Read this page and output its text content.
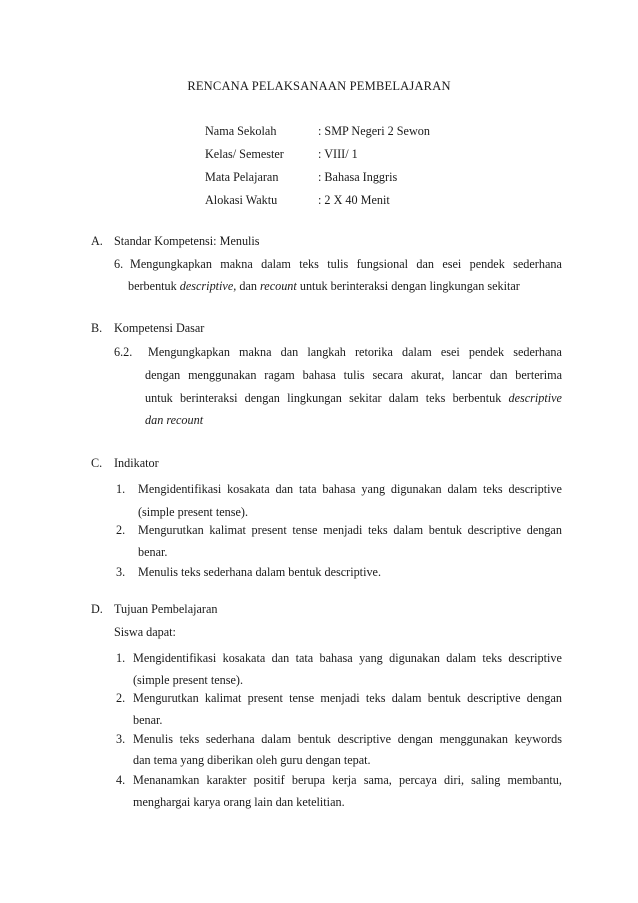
RENCANA PELAKSANAAN PEMBELAJARAN
Nama Sekolah	: SMP Negeri 2 Sewon
Kelas/ Semester	: VIII/ 1
Mata Pelajaran	: Bahasa Inggris
Alokasi Waktu	: 2 X 40 Menit
A. Standar Kompetensi: Menulis
6. Mengungkapkan makna dalam teks tulis fungsional dan esei pendek sederhana
berbentuk descriptive, dan recount untuk berinteraksi dengan lingkungan sekitar
B. Kompetensi Dasar
6.2. Mengungkapkan makna dan langkah retorika dalam esei pendek sederhana
dengan menggunakan ragam bahasa tulis secara akurat, lancar dan berterima
untuk berinteraksi dengan lingkungan sekitar dalam teks berbentuk descriptive
dan recount
C. Indikator
1. Mengidentifikasi kosakata dan tata bahasa yang digunakan dalam teks descriptive
(simple present tense).
2. Mengurutkan kalimat present tense menjadi teks dalam bentuk descriptive dengan
benar.
3. Menulis teks sederhana dalam bentuk descriptive.
D. Tujuan Pembelajaran
Siswa dapat:
1. Mengidentifikasi kosakata dan tata bahasa yang digunakan dalam teks descriptive
(simple present tense).
2. Mengurutkan kalimat present tense menjadi teks dalam bentuk descriptive dengan
benar.
3. Menulis teks sederhana dalam bentuk descriptive dengan menggunakan keywords
dan tema yang diberikan oleh guru dengan tepat.
4. Menanamkan karakter positif berupa kerja sama, percaya diri, saling membantu,
menghargai karya orang lain dan ketelitian.
